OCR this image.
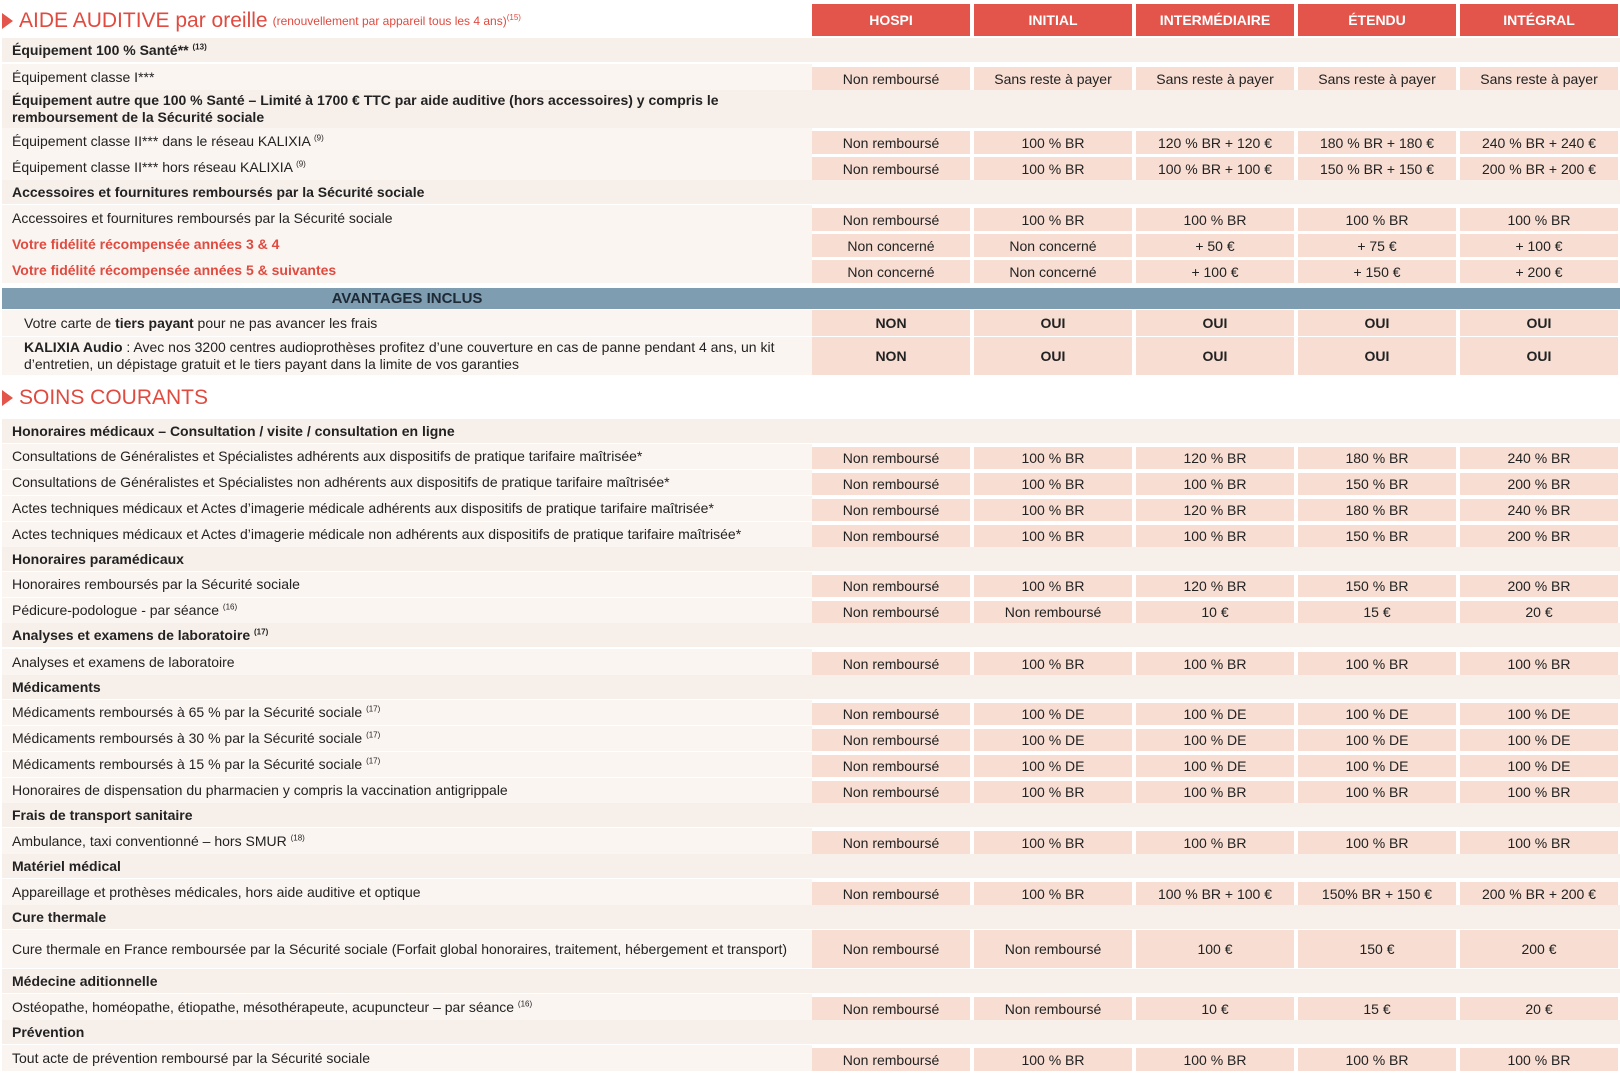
AIDE AUDITIVE par oreille (renouvellement par appareil tous les 4 ans)$^{(15)}$	HOSPI	INITIAL	INTERMÉDIAIRE	ÉTENDU	INTÉGRAL
Équipement 100 % Santé** $^{(13)}$
Équipement classe I***	Non remboursé	Sans reste à payer	Sans reste à payer	Sans reste à payer	Sans reste à payer
Équipement autre que 100 % Santé – Limité à 1700 € TTC par aide auditive (hors accessoires) y compris le remboursement de la Sécurité sociale
Équipement classe II*** dans le réseau KALIXIA $^{(9)}$	Non remboursé	100 % BR	120 % BR + 120 €	180 % BR + 180 €	240 % BR + 240 €
Équipement classe II*** hors réseau KALIXIA $^{(9)}$	Non remboursé	100 % BR	100 % BR + 100 €	150 % BR + 150 €	200 % BR + 200 €
Accessoires et fournitures remboursés par la Sécurité sociale
Accessoires et fournitures remboursés par la Sécurité sociale	Non remboursé	100 % BR	100 % BR	100 % BR	100 % BR
Votre fidélité récompensée années 3 & 4	Non concerné	Non concerné	+ 50 €	+ 75 €	+ 100 €
Votre fidélité récompensée années 5 & suivantes	Non concerné	Non concerné	+ 100 €	+ 150 €	+ 200 €
AVANTAGES INCLUS
Votre carte de tiers payant pour ne pas avancer les frais	NON	OUI	OUI	OUI	OUI
KALIXIA Audio : Avec nos 3200 centres audioprothèses profitez d’une couverture en cas de panne pendant 4 ans, un kit d’entretien, un dépistage gratuit et le tiers payant dans la limite de vos garanties	NON	OUI	OUI	OUI	OUI
SOINS COURANTS
Honoraires médicaux – Consultation / visite / consultation en ligne
Consultations de Généralistes et Spécialistes adhérents aux dispositifs de pratique tarifaire maîtrisée*	Non remboursé	100 % BR	120 % BR	180 % BR	240 % BR
Consultations de Généralistes et Spécialistes non adhérents aux dispositifs de pratique tarifaire maîtrisée*	Non remboursé	100 % BR	100 % BR	150 % BR	200 % BR
Actes techniques médicaux et Actes d’imagerie médicale adhérents aux dispositifs de pratique tarifaire maîtrisée*	Non remboursé	100 % BR	120 % BR	180 % BR	240 % BR
Actes techniques médicaux et Actes d’imagerie médicale non adhérents aux dispositifs de pratique tarifaire maîtrisée*	Non remboursé	100 % BR	100 % BR	150 % BR	200 % BR
Honoraires paramédicaux
Honoraires remboursés par la Sécurité sociale	Non remboursé	100 % BR	120 % BR	150 % BR	200 % BR
Pédicure-podologue - par séance $^{(16)}$	Non remboursé	Non remboursé	10 €	15 €	20 €
Analyses et examens de laboratoire $^{(17)}$
Analyses et examens de laboratoire	Non remboursé	100 % BR	100 % BR	100 % BR	100 % BR
Médicaments
Médicaments remboursés à 65 % par la Sécurité sociale $^{(17)}$	Non remboursé	100 % DE	100 % DE	100 % DE	100 % DE
Médicaments remboursés à 30 % par la Sécurité sociale $^{(17)}$	Non remboursé	100 % DE	100 % DE	100 % DE	100 % DE
Médicaments remboursés à 15 % par la Sécurité sociale $^{(17)}$	Non remboursé	100 % DE	100 % DE	100 % DE	100 % DE
Honoraires de dispensation du pharmacien y compris la vaccination antigrippale	Non remboursé	100 % BR	100 % BR	100 % BR	100 % BR
Frais de transport sanitaire
Ambulance, taxi conventionné – hors SMUR $^{(18)}$	Non remboursé	100 % BR	100 % BR	100 % BR	100 % BR
Matériel médical
Appareillage et prothèses médicales, hors aide auditive et optique	Non remboursé	100 % BR	100 % BR + 100 €	150% BR + 150 €	200 % BR + 200 €
Cure thermale
Cure thermale en France remboursée par la Sécurité sociale (Forfait global honoraires, traitement, hébergement et transport)	Non remboursé	Non remboursé	100 €	150 €	200 €
Médecine aditionnelle
Ostéopathe, homéopathe, étiopathe, mésothérapeute, acupuncteur – par séance $^{(16)}$	Non remboursé	Non remboursé	10 €	15 €	20 €
Prévention
Tout acte de prévention remboursé par la Sécurité sociale	Non remboursé	100 % BR	100 % BR	100 % BR	100 % BR
